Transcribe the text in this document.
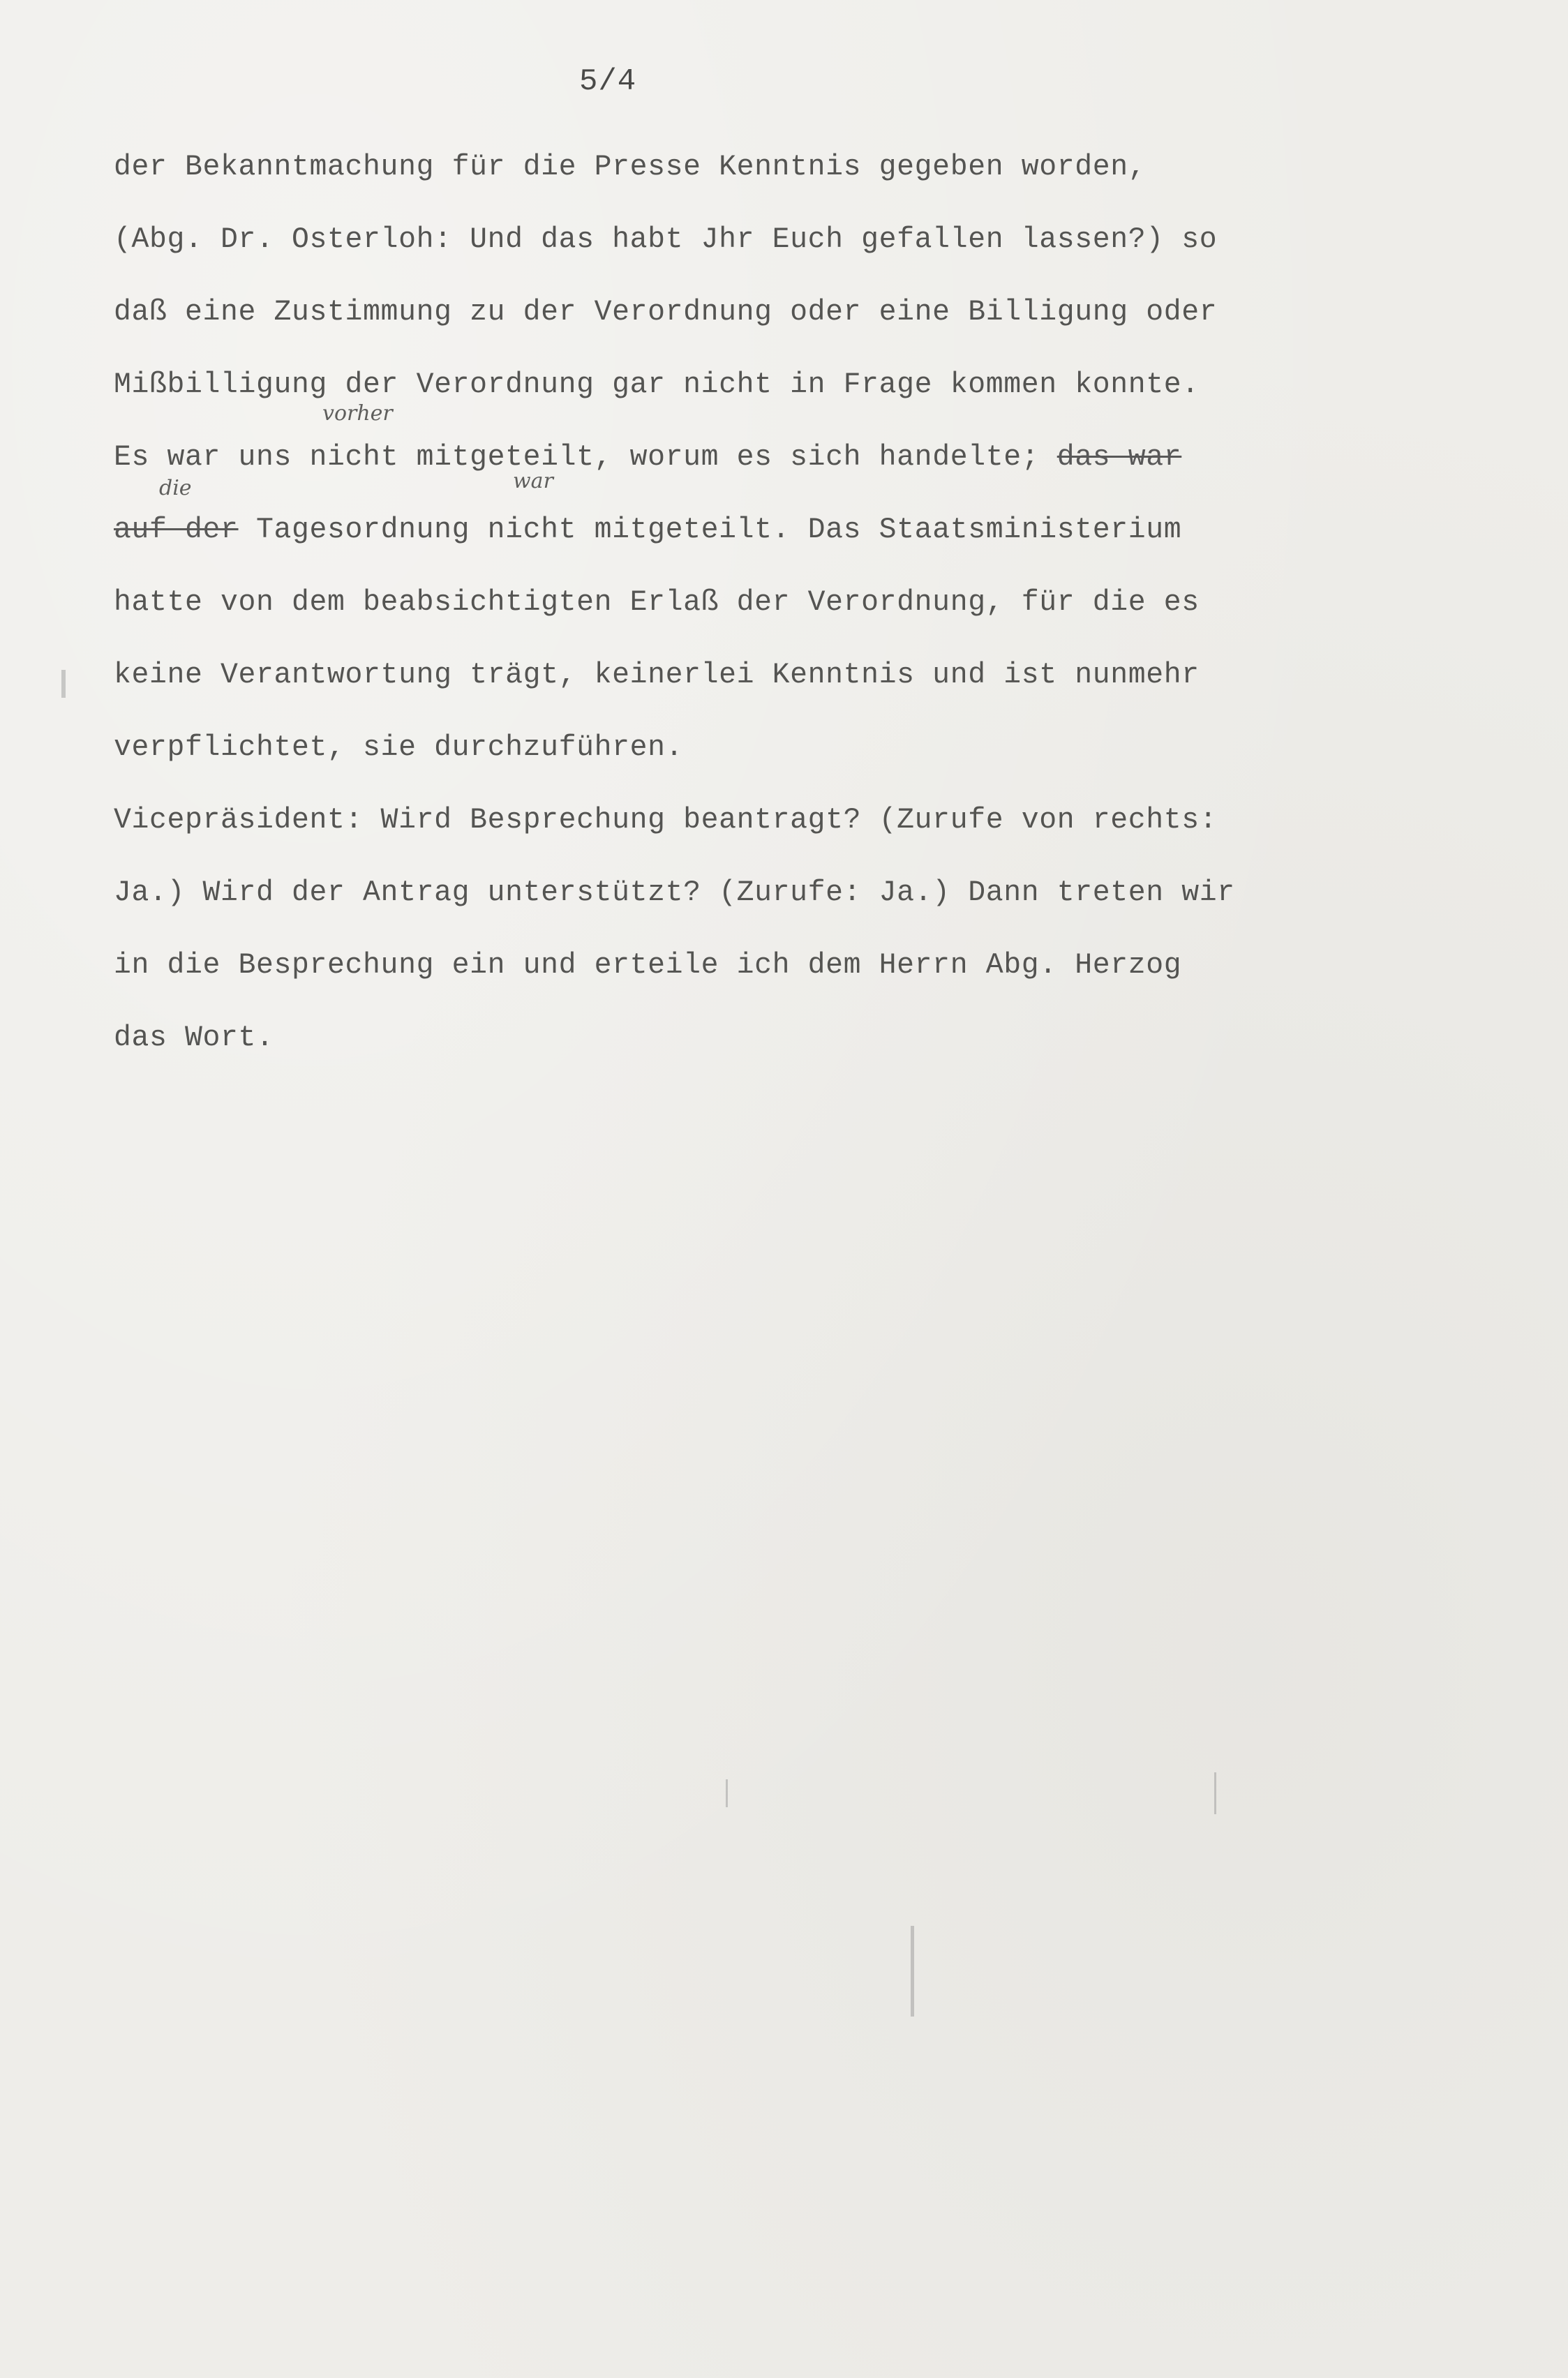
5/4
vorher
die	war
der Bekanntmachung für die Presse Kenntnis gegeben worden,
(Abg. Dr. Osterloh: Und das habt Jhr Euch gefallen lassen?) so
daß eine Zustimmung zu der Verordnung oder eine Billigung oder
Mißbilligung der Verordnung gar nicht in Frage kommen konnte.
Es war uns nicht mitgeteilt, worum es sich handelte; das war
auf der Tagesordnung nicht mitgeteilt. Das Staatsministerium
hatte von dem beabsichtigten Erlaß der Verordnung, für die es
keine Verantwortung trägt, keinerlei Kenntnis und ist nunmehr
verpflichtet, sie durchzuführen.
Vicepräsident: Wird Besprechung beantragt? (Zurufe von rechts:
Ja.) Wird der Antrag unterstützt? (Zurufe: Ja.) Dann treten wir
in die Besprechung ein und erteile ich dem Herrn Abg. Herzog
das Wort.
